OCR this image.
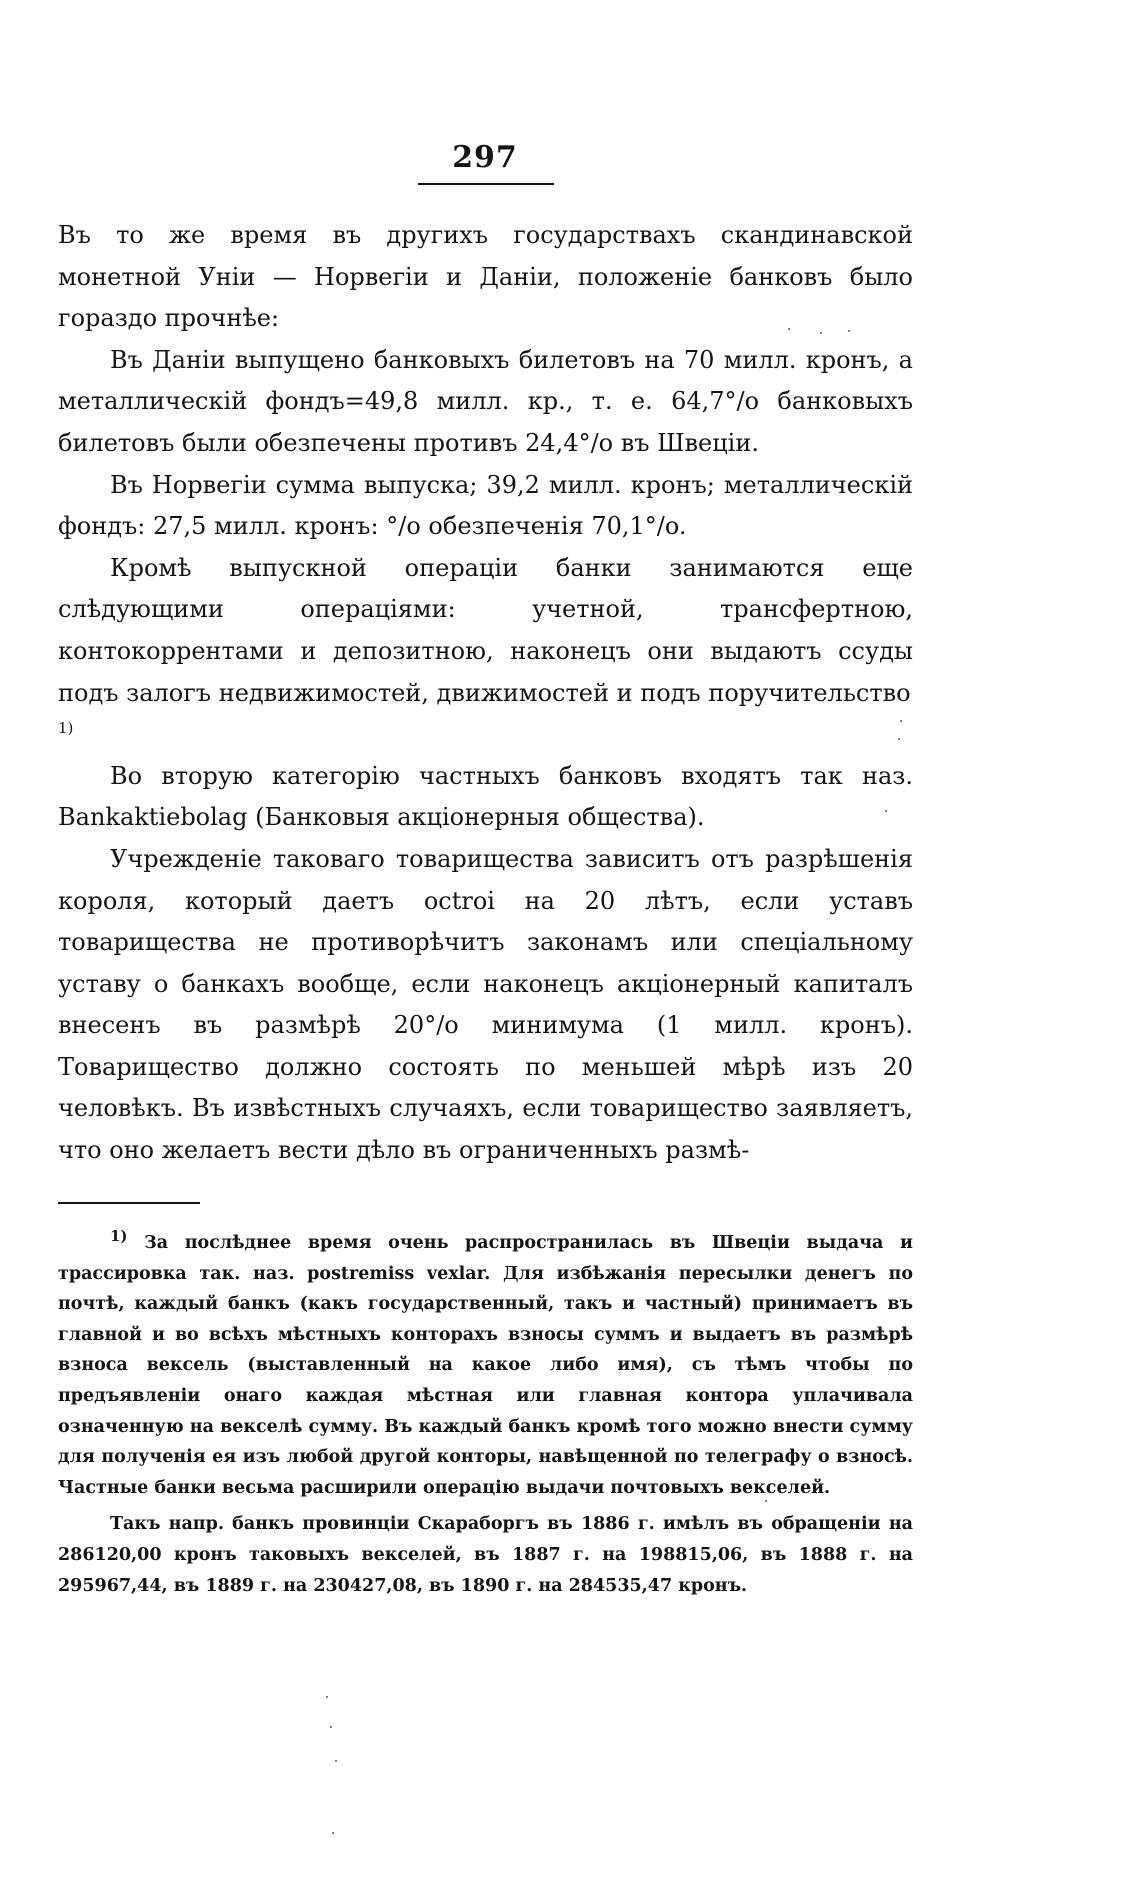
297

Въ то же время въ другихъ государствахъ скандинавской монетной Уніи — Норвегіи и Даніи, положеніе банковъ было гораздо прочнѣе:

Въ Даніи выпущено банковыхъ билетовъ на 70 милл. кронъ, а металлическій фондъ=49,8 милл. кр., т. е. 64,7°/o банковыхъ билетовъ были обезпечены противъ 24,4°/o въ Швеціи.

Въ Норвегіи сумма выпуска; 39,2 милл. кронъ; металлическій фондъ: 27,5 милл. кронъ: °/o обезпеченія 70,1°/o.

Кромѣ выпускной операціи банки занимаются еще слѣдующими операціями: учетной, трансфертною, контокоррентами и депозитною, наконецъ они выдаютъ ссуды подъ залогъ недвижимостей, движимостей и подъ поручительство $^{1)}$

Во вторую категорію частныхъ банковъ входятъ так наз. Bankaktiebolag (Банковыя акціонерныя общества).

Учрежденіе таковаго товарищества зависитъ отъ разрѣшенія короля, который даетъ octroi на 20 лѣтъ, если уставъ товарищества не противорѣчитъ законамъ или спеціальному уставу о банкахъ вообще, если наконецъ акціонерный капиталъ внесенъ въ размѣрѣ 20°/o минимума (1 милл. кронъ). Товарищество должно состоять по меньшей мѣрѣ изъ 20 человѣкъ. Въ извѣстныхъ случаяхъ, если товарищество заявляетъ, что оно желаетъ вести дѣло въ ограниченныхъ размѣ-

1) За послѣднее время очень распространилась въ Швеціи выдача и трассировка так. наз. postremiss vexlar. Для избѣжанія пересылки денегъ по почтѣ, каждый банкъ (какъ государственный, такъ и частный) принимаетъ въ главной и во всѣхъ мѣстныхъ конторахъ взносы суммъ и выдаетъ въ размѣрѣ взноса вексель (выставленный на какое либо имя), съ тѣмъ чтобы по предъявленіи онаго каждая мѣстная или главная контора уплачивала означенную на векселѣ сумму. Въ каждый банкъ кромѣ того можно внести сумму для полученія ея изъ любой другой конторы, навѣщенной по телеграфу о взносѣ. Частные банки весьма расширили операцію выдачи почтовыхъ векселей.

Такъ напр. банкъ провинціи Скараборгъ въ 1886 г. имѣлъ въ обращеніи на 286120,00 кронъ таковыхъ векселей, въ 1887 г. на 198815,06, въ 1888 г. на 295967,44, въ 1889 г. на 230427,08, въ 1890 г. на 284535,47 кронъ.
